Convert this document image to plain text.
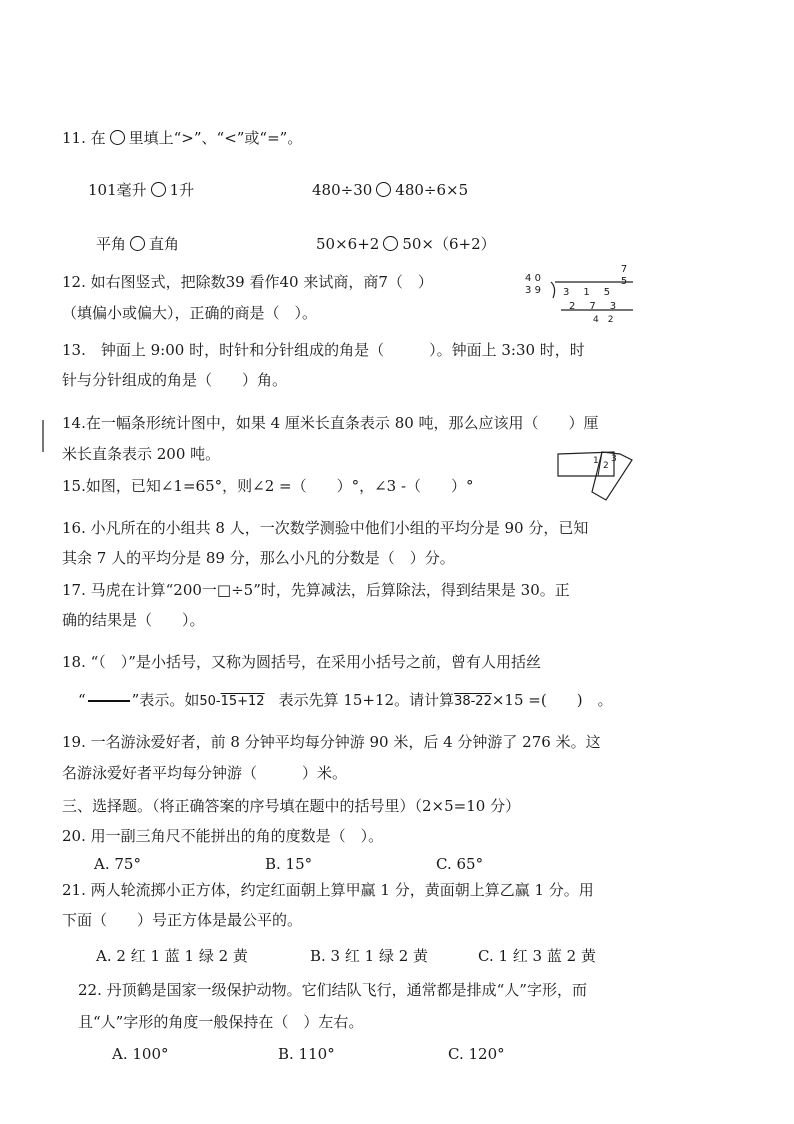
11. 在 里填上“>”、“<”或“=”。
101毫升 1升	480÷30 480÷6×5
平角 直角	50×6+2 50×（6+2）
12. 如右图竖式，把除数39 看作40 来试商，商7（　）
（填偏小或偏大），正确的商是（　）。
4 0
3 9
7
5
3　1　5
2　7　3
4　2
13.　钟面上 9:00 时，时针和分针组成的角是（　　　）。钟面上 3:30 时，时
针与分针组成的角是（　　）角。
14.在一幅条形统计图中，如果 4 厘米长直条表示 80 吨，那么应该用（　　）厘
米长直条表示 200 吨。
15.如图，已知∠1=65°，则∠2 =（　　）°，∠3 -（　　）°
1 2
3
16. 小凡所在的小组共 8 人，一次数学测验中他们小组的平均分是 90 分，已知
其余 7 人的平均分是 89 分，那么小凡的分数是（　）分。
17. 马虎在计算“200一□÷5”时，先算减法，后算除法，得到结果是 30。正
确的结果是（　　）。
18. “（　）”是小括号，又称为圆括号，在采用小括号之前，曾有人用括丝
“	”表示。如50-15+12 表示先算 15+12。请计算38-22×15 =(　　)　。
19. 一名游泳爱好者，前 8 分钟平均每分钟游 90 米，后 4 分钟游了 276 米。这
名游泳爱好者平均每分钟游（　　　）米。
三、选择题。（将正确答案的序号填在题中的括号里）（2×5=10 分）
20. 用一副三角尺不能拼出的角的度数是（　）。
A. 75°	B. 15°	C. 65°
21. 两人轮流掷小正方体，约定红面朝上算甲赢 1 分，黄面朝上算乙赢 1 分。用
下面（　　）号正方体是最公平的。
A. 2 红 1 蓝 1 绿 2 黄	B. 3 红 1 绿 2 黄	C. 1 红 3 蓝 2 黄
22. 丹顶鹤是国家一级保护动物。它们结队飞行，通常都是排成“人”字形，而
且“人”字形的角度一般保持在（　）左右。
A. 100°	B. 110°	C. 120°
